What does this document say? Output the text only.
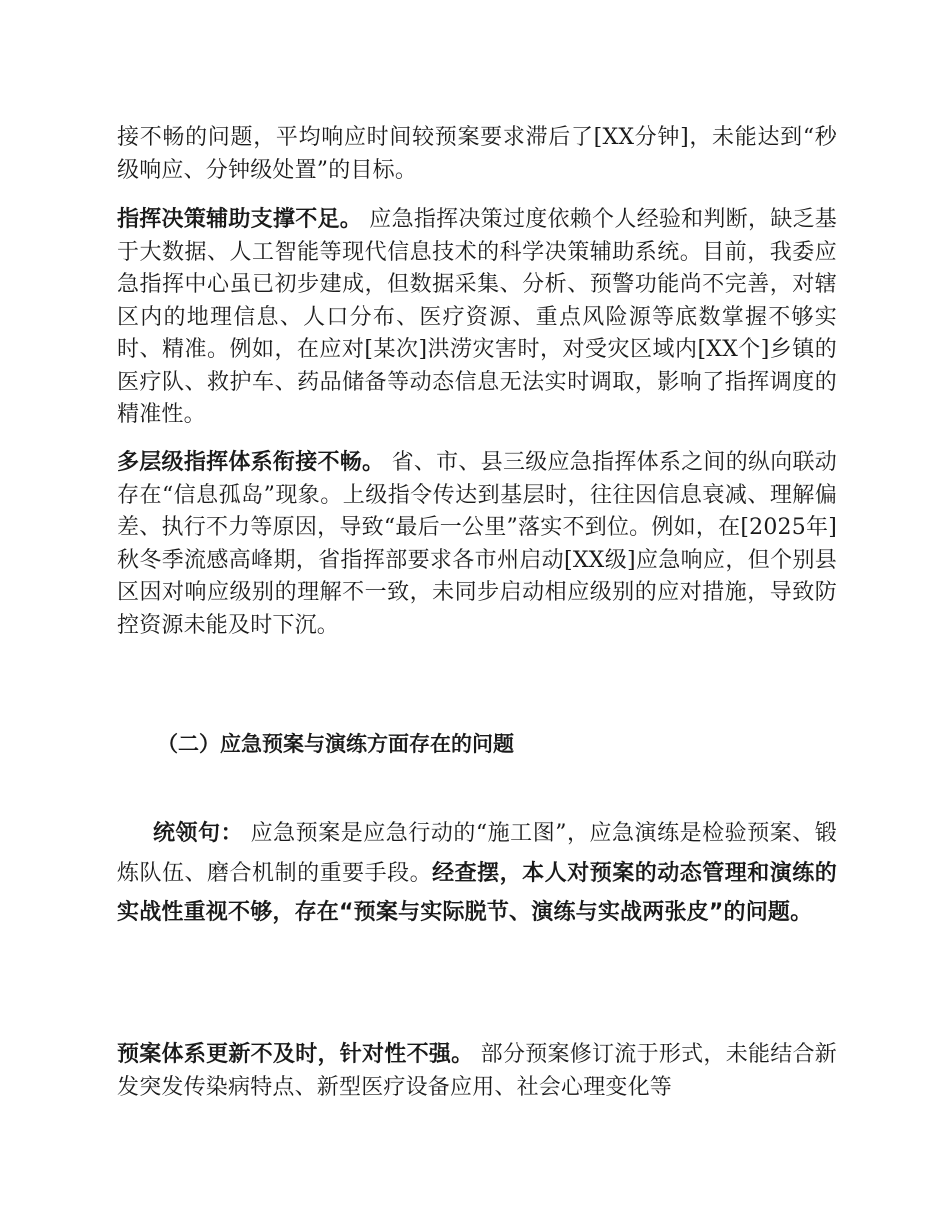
接不畅的问题，平均响应时间较预案要求滞后了[XX分钟]，未能达到“秒级响应、分钟级处置”的目标。

指挥决策辅助支撑不足。 应急指挥决策过度依赖个人经验和判断，缺乏基于大数据、人工智能等现代信息技术的科学决策辅助系统。目前，我委应急指挥中心虽已初步建成，但数据采集、分析、预警功能尚不完善，对辖区内的地理信息、人口分布、医疗资源、重点风险源等底数掌握不够实时、精准。例如，在应对[某次]洪涝灾害时，对受灾区域内[XX个]乡镇的医疗队、救护车、药品储备等动态信息无法实时调取，影响了指挥调度的精准性。

多层级指挥体系衔接不畅。 省、市、县三级应急指挥体系之间的纵向联动存在“信息孤岛”现象。上级指令传达到基层时，往往因信息衰减、理解偏差、执行不力等原因，导致“最后一公里”落实不到位。例如，在[2025年]秋冬季流感高峰期，省指挥部要求各市州启动[XX级]应急响应，但个别县区因对响应级别的理解不一致，未同步启动相应级别的应对措施，导致防控资源未能及时下沉。

（二）应急预案与演练方面存在的问题

统领句： 应急预案是应急行动的“施工图”，应急演练是检验预案、锻炼队伍、磨合机制的重要手段。经查摆，本人对预案的动态管理和演练的实战性重视不够，存在“预案与实际脱节、演练与实战两张皮”的问题。

预案体系更新不及时，针对性不强。 部分预案修订流于形式，未能结合新发突发传染病特点、新型医疗设备应用、社会心理变化等
